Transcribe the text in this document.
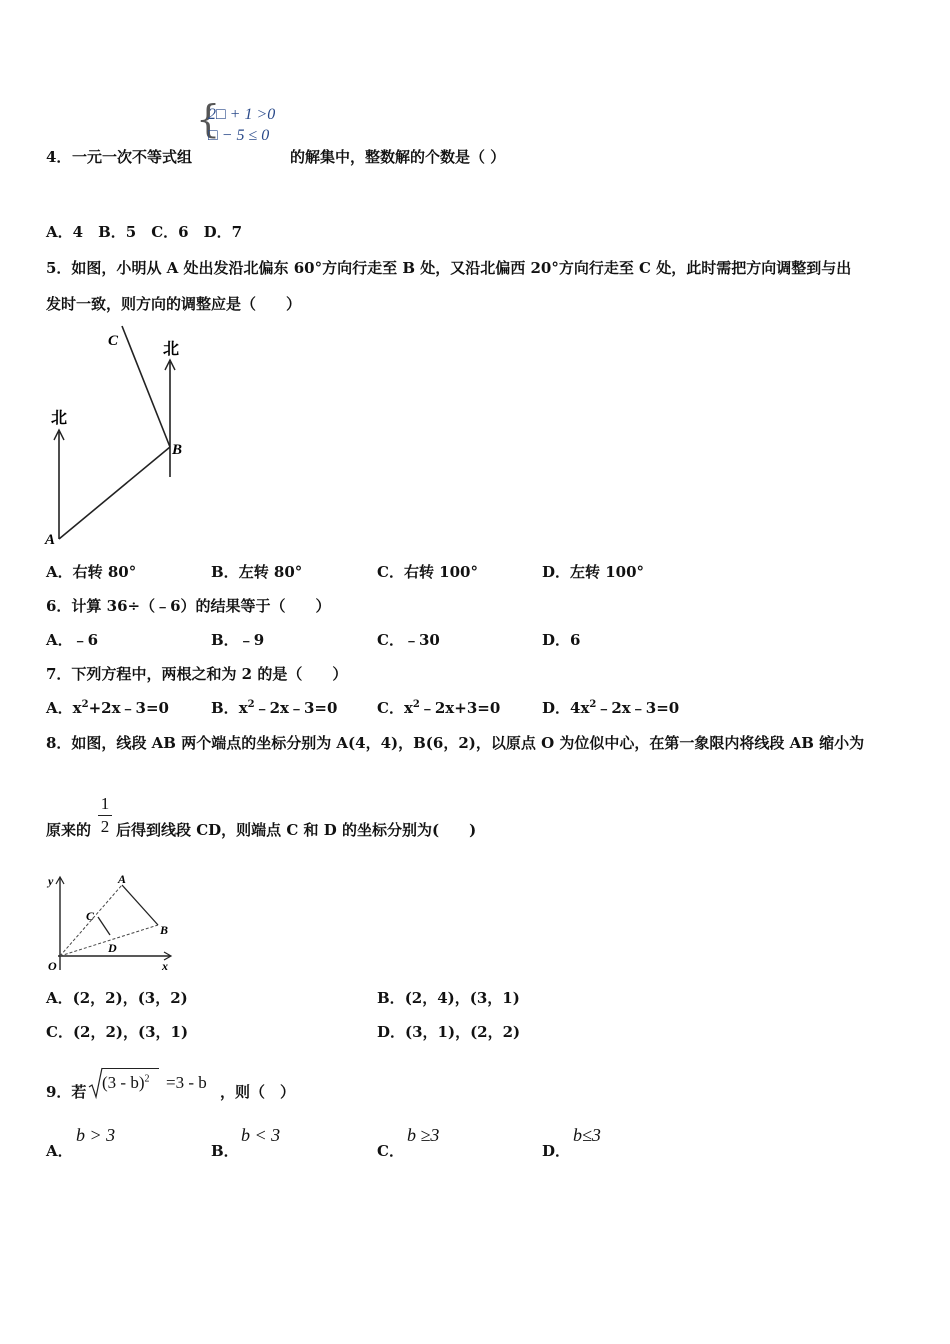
{
2□ + 1 >0
□ − 5 ≤ 0
4． 一元一次不等式组	的解集中，整数解的个数是（ ）
A．4　B．5　C．6　D．7
5．如图，小明从 A 处出发沿北偏东 60°方向行走至 B 处，又沿北偏西 20°方向行走至 C 处，此时需把方向调整到与出
发时一致，则方向的调整应是（　　）
北
北
A
B
C
A．右转 80°	B．左转 80°	C．右转 100°	D．左转 100°
6．计算 36÷（﹣6）的结果等于（　　）
A．﹣6	B．﹣9	C．﹣30	D．6
7．下列方程中，两根之和为 2 的是（　　）
A．$x^2+2x﹣3=0$	B．$x^2﹣2x﹣3=0$	C．$x^2﹣2x+3=0$	D．$4x^2﹣2x﹣3=0$
8．如图，线段 AB 两个端点的坐标分别为 A(4，4)，B(6，2)，以原点 O 为位似中心，在第一象限内将线段 AB 缩小为
原来的
1
2 后得到线段 CD，则端点 C 和 D 的坐标分别为(　　)
y
x
O
A
B
C
D
A．(2，2)，(3，2)	B．(2，4)，(3，1)
C．(2，2)，(3，1)	D．(3，1)，(2，2)
9．若 (3 - b)$^2$ =3 - b ，则（　）
A．
b > 3
B．
b < 3
C．
b ≥3
D．
b≤3
